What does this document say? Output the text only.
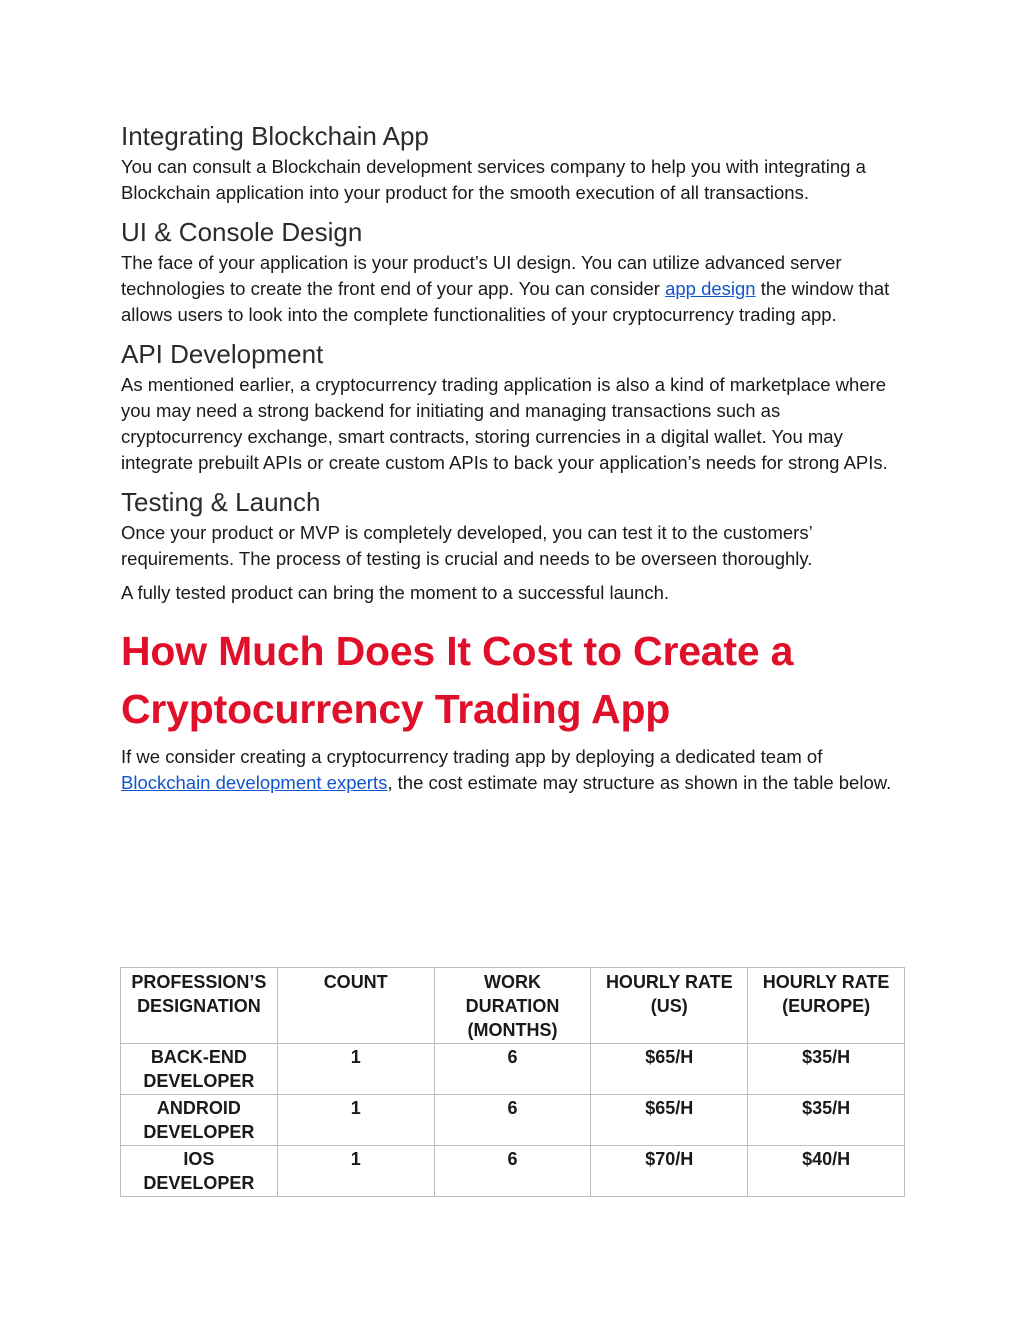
Integrating Blockchain App

You can consult a Blockchain development services company to help you with integrating a Blockchain application into your product for the smooth execution of all transactions.

UI & Console Design

The face of your application is your product’s UI design. You can utilize advanced server technologies to create the front end of your app. You can consider app design the window that allows users to look into the complete functionalities of your cryptocurrency trading app.

API Development

As mentioned earlier, a cryptocurrency trading application is also a kind of marketplace where you may need a strong backend for initiating and managing transactions such as cryptocurrency exchange, smart contracts, storing currencies in a digital wallet. You may integrate prebuilt APIs or create custom APIs to back your application’s needs for strong APIs.

Testing & Launch

Once your product or MVP is completely developed, you can test it to the customers’ requirements. The process of testing is crucial and needs to be overseen thoroughly.

A fully tested product can bring the moment to a successful launch.

How Much Does It Cost to Create a Cryptocurrency Trading App

If we consider creating a cryptocurrency trading app by deploying a dedicated team of Blockchain development experts, the cost estimate may structure as shown in the table below.

PROFESSION’S DESIGNATION	COUNT	WORK DURATION (MONTHS)	HOURLY RATE (US)	HOURLY RATE (EUROPE)
BACK-END DEVELOPER	1	6	$65/H	$35/H
ANDROID DEVELOPER	1	6	$65/H	$35/H
IOS DEVELOPER	1	6	$70/H	$40/H
